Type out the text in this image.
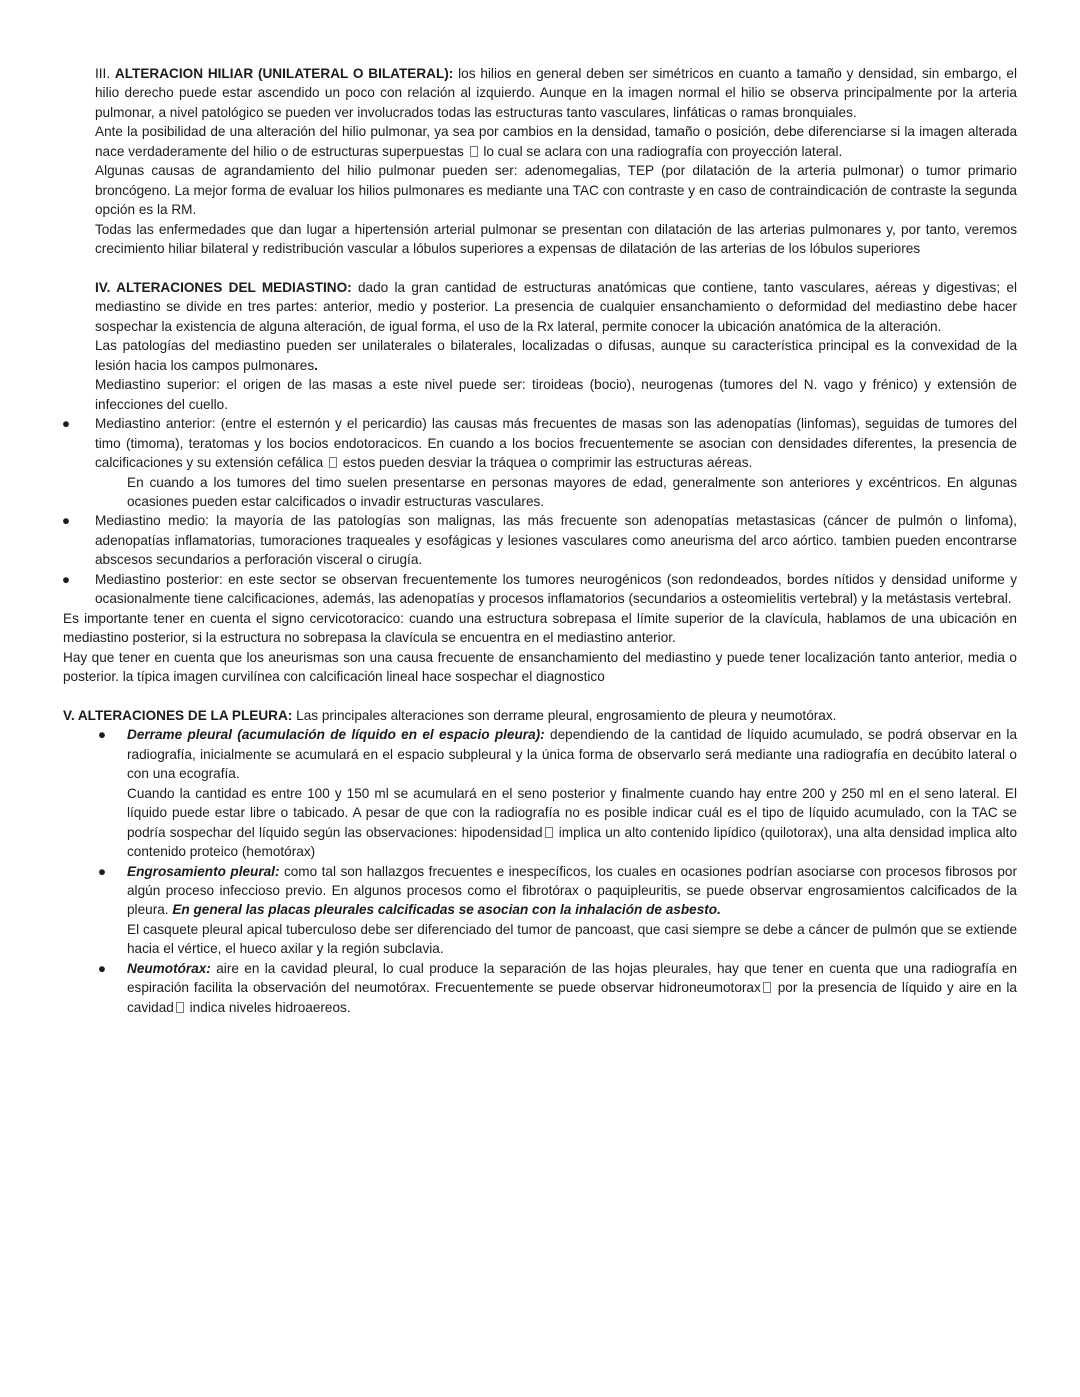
III. ALTERACION HILIAR (UNILATERAL O BILATERAL): los hilios en general deben ser simétricos en cuanto a tamaño y densidad, sin embargo, el hilio derecho puede estar ascendido un poco con relación al izquierdo. Aunque en la imagen normal el hilio se observa principalmente por la arteria pulmonar, a nivel patológico se pueden ver involucrados todas las estructuras tanto vasculares, linfáticas o ramas bronquiales.

Ante la posibilidad de una alteración del hilio pulmonar, ya sea por cambios en la densidad, tamaño o posición, debe diferenciarse si la imagen alterada nace verdaderamente del hilio o de estructuras superpuestas lo cual se aclara con una radiografía con proyección lateral.

Algunas causas de agrandamiento del hilio pulmonar pueden ser: adenomegalias, TEP (por dilatación de la arteria pulmonar) o tumor primario broncógeno. La mejor forma de evaluar los hilios pulmonares es mediante una TAC con contraste y en caso de contraindicación de contraste la segunda opción es la RM.

Todas las enfermedades que dan lugar a hipertensión arterial pulmonar se presentan con dilatación de las arterias pulmonares y, por tanto, veremos crecimiento hiliar bilateral y redistribución vascular a lóbulos superiores a expensas de dilatación de las arterias de los lóbulos superiores

IV. ALTERACIONES DEL MEDIASTINO: dado la gran cantidad de estructuras anatómicas que contiene, tanto vasculares, aéreas y digestivas; el mediastino se divide en tres partes: anterior, medio y posterior. La presencia de cualquier ensanchamiento o deformidad del mediastino debe hacer sospechar la existencia de alguna alteración, de igual forma, el uso de la Rx lateral, permite conocer la ubicación anatómica de la alteración.

Las patologías del mediastino pueden ser unilaterales o bilaterales, localizadas o difusas, aunque su característica principal es la convexidad de la lesión hacia los campos pulmonares.

Mediastino superior: el origen de las masas a este nivel puede ser: tiroideas (bocio), neurogenas (tumores del N. vago y frénico) y extensión de infecciones del cuello.

● Mediastino anterior: (entre el esternón y el pericardio) las causas más frecuentes de masas son las adenopatías (linfomas), seguidas de tumores del timo (timoma), teratomas y los bocios endotoracicos. En cuando a los bocios frecuentemente se asocian con densidades diferentes, la presencia de calcificaciones y su extensión cefálica estos pueden desviar la tráquea o comprimir las estructuras aéreas.

En cuando a los tumores del timo suelen presentarse en personas mayores de edad, generalmente son anteriores y excéntricos. En algunas ocasiones pueden estar calcificados o invadir estructuras vasculares.

● Mediastino medio: la mayoría de las patologías son malignas, las más frecuente son adenopatías metastasicas (cáncer de pulmón o linfoma), adenopatías inflamatorias, tumoraciones traqueales y esofágicas y lesiones vasculares como aneurisma del arco aórtico. tambien pueden encontrarse abscesos secundarios a perforación visceral o cirugía.

● Mediastino posterior: en este sector se observan frecuentemente los tumores neurogénicos (son redondeados, bordes nítidos y densidad uniforme y ocasionalmente tiene calcificaciones, además, las adenopatías y procesos inflamatorios (secundarios a osteomielitis vertebral) y la metástasis vertebral.

Es importante tener en cuenta el signo cervicotoracico: cuando una estructura sobrepasa el límite superior de la clavícula, hablamos de una ubicación en mediastino posterior, si la estructura no sobrepasa la clavícula se encuentra en el mediastino anterior.

Hay que tener en cuenta que los aneurismas son una causa frecuente de ensanchamiento del mediastino y puede tener localización tanto anterior, media o posterior. la típica imagen curvilínea con calcificación lineal hace sospechar el diagnostico

V. ALTERACIONES DE LA PLEURA: Las principales alteraciones son derrame pleural, engrosamiento de pleura y neumotórax.

● Derrame pleural (acumulación de líquido en el espacio pleura): dependiendo de la cantidad de líquido acumulado, se podrá observar en la radiografía, inicialmente se acumulará en el espacio subpleural y la única forma de observarlo será mediante una radiografía en decúbito lateral o con una ecografía.

Cuando la cantidad es entre 100 y 150 ml se acumulará en el seno posterior y finalmente cuando hay entre 200 y 250 ml en el seno lateral. El líquido puede estar libre o tabicado. A pesar de que con la radiografía no es posible indicar cuál es el tipo de líquido acumulado, con la TAC se podría sospechar del líquido según las observaciones: hipodensidad implica un alto contenido lipídico (quilotorax), una alta densidad implica alto contenido proteico (hemotórax)

● Engrosamiento pleural: como tal son hallazgos frecuentes e inespecíficos, los cuales en ocasiones podrían asociarse con procesos fibrosos por algún proceso infeccioso previo. En algunos procesos como el fibrotórax o paquipleuritis, se puede observar engrosamientos calcificados de la pleura. En general las placas pleurales calcificadas se asocian con la inhalación de asbesto.

El casquete pleural apical tuberculoso debe ser diferenciado del tumor de pancoast, que casi siempre se debe a cáncer de pulmón que se extiende hacia el vértice, el hueco axilar y la región subclavia.

● Neumotórax: aire en la cavidad pleural, lo cual produce la separación de las hojas pleurales, hay que tener en cuenta que una radiografía en espiración facilita la observación del neumotórax. Frecuentemente se puede observar hidroneumotorax por la presencia de líquido y aire en la cavidad indica niveles hidroaereos.
